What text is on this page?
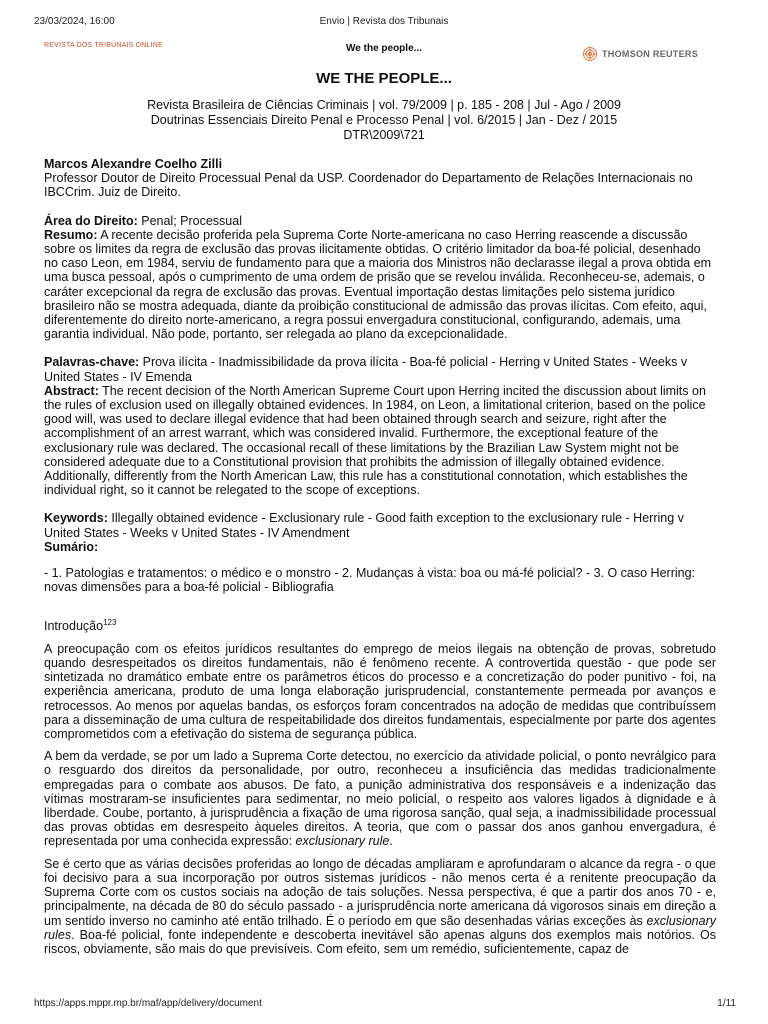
23/03/2024, 16:00	Envio | Revista dos Tribunais
REVISTA DOS TRIBUNAIS ONLINE	We the people...	THOMSON REUTERS
WE THE PEOPLE...
Revista Brasileira de Ciências Criminais | vol. 79/2009 | p. 185 - 208 | Jul - Ago / 2009
Doutrinas Essenciais Direito Penal e Processo Penal | vol. 6/2015 | Jan - Dez / 2015
DTR\2009\721

Marcos Alexandre Coelho Zilli

Professor Doutor de Direito Processual Penal da USP. Coordenador do Departamento de Relações Internacionais no IBCCrim. Juiz de Direito.

Área do Direito: Penal; Processual

Resumo: A recente decisão proferida pela Suprema Corte Norte-americana no caso Herring reascende a discussão sobre os limites da regra de exclusão das provas ilicitamente obtidas. O critério limitador da boa-fé policial, desenhado no caso Leon, em 1984, serviu de fundamento para que a maioria dos Ministros não declarasse ilegal a prova obtida em uma busca pessoal, após o cumprimento de uma ordem de prisão que se revelou inválida. Reconheceu-se, ademais, o caráter excepcional da regra de exclusão das provas. Eventual importação destas limitações pelo sistema jurídico brasileiro não se mostra adequada, diante da proibição constitucional de admissão das provas ilícitas. Com efeito, aqui, diferentemente do direito norte-americano, a regra possui envergadura constitucional, configurando, ademais, uma garantia individual. Não pode, portanto, ser relegada ao plano da excepcionalidade.

Palavras-chave: Prova ilícita - Inadmissibilidade da prova ilícita - Boa-fé policial - Herring v United States - Weeks v United States - IV Emenda

Abstract: The recent decision of the North American Supreme Court upon Herring incited the discussion about limits on the rules of exclusion used on illegally obtained evidences. In 1984, on Leon, a limitational criterion, based on the police good will, was used to declare illegal evidence that had been obtained through search and seizure, right after the accomplishment of an arrest warrant, which was considered invalid. Furthermore, the exceptional feature of the exclusionary rule was declared. The occasional recall of these limitations by the Brazilian Law System might not be considered adequate due to a Constitutional provision that prohibits the admission of illegally obtained evidence. Additionally, differently from the North American Law, this rule has a constitutional connotation, which establishes the individual right, so it cannot be relegated to the scope of exceptions.

Keywords: Illegally obtained evidence - Exclusionary rule - Good faith exception to the exclusionary rule - Herring v United States - Weeks v United States - IV Amendment

Sumário:

- 1. Patologias e tratamentos: o médico e o monstro - 2. Mudanças à vista: boa ou má-fé policial? - 3. O caso Herring: novas dimensões para a boa-fé policial - Bibliografia

Introdução$^{123}$

A preocupação com os efeitos jurídicos resultantes do emprego de meios ilegais na obtenção de provas, sobretudo quando desrespeitados os direitos fundamentais, não é fenômeno recente. A controvertida questão - que pode ser sintetizada no dramático embate entre os parâmetros éticos do processo e a concretização do poder punitivo - foi, na experiência americana, produto de uma longa elaboração jurisprudencial, constantemente permeada por avanços e retrocessos. Ao menos por aquelas bandas, os esforços foram concentrados na adoção de medidas que contribuíssem para a disseminação de uma cultura de respeitabilidade dos direitos fundamentais, especialmente por parte dos agentes comprometidos com a efetivação do sistema de segurança pública.

A bem da verdade, se por um lado a Suprema Corte detectou, no exercício da atividade policial, o ponto nevrálgico para o resguardo dos direitos da personalidade, por outro, reconheceu a insuficiência das medidas tradicionalmente empregadas para o combate aos abusos. De fato, a punição administrativa dos responsáveis e a indenização das vítimas mostraram-se insuficientes para sedimentar, no meio policial, o respeito aos valores ligados à dignidade e à liberdade. Coube, portanto, à jurisprudência a fixação de uma rigorosa sanção, qual seja, a inadmissibilidade processual das provas obtidas em desrespeito àqueles direitos. A teoria, que com o passar dos anos ganhou envergadura, é representada por uma conhecida expressão: exclusionary rule.

Se é certo que as várias decisões proferidas ao longo de décadas ampliaram e aprofundaram o alcance da regra - o que foi decisivo para a sua incorporação por outros sistemas jurídicos - não menos certa é a renitente preocupação da Suprema Corte com os custos sociais na adoção de tais soluções. Nessa perspectiva, é que a partir dos anos 70 - e, principalmente, na década de 80 do século passado - a jurisprudência norte americana dá vigorosos sinais em direção a um sentido inverso no caminho até então trilhado. É o período em que são desenhadas várias exceções às exclusionary rules. Boa-fé policial, fonte independente e descoberta inevitável são apenas alguns dos exemplos mais notórios. Os riscos, obviamente, são mais do que previsíveis. Com efeito, sem um remédio, suficientemente, capaz de

https://apps.mppr.mp.br/maf/app/delivery/document	1/11
